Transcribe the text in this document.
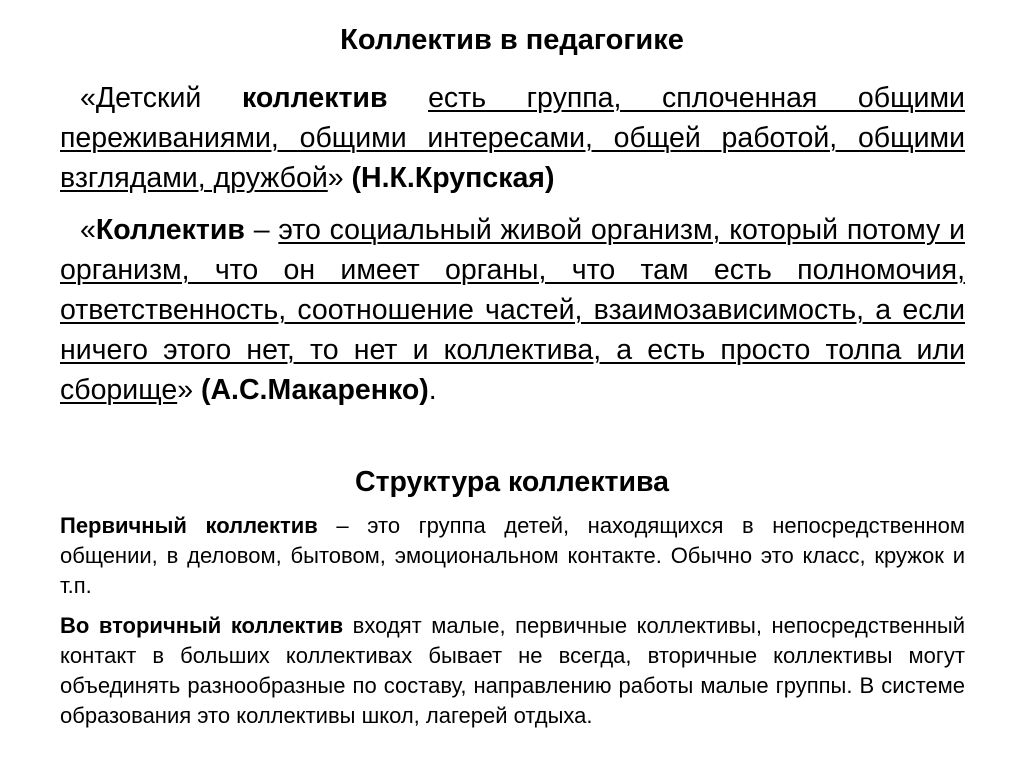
Коллектив в педагогике

«Детский коллектив есть группа, сплоченная общими переживаниями, общими интересами, общей работой, общими взглядами, дружбой» (Н.К.Крупская)

«Коллектив – это социальный живой организм, который потому и организм, что он имеет органы, что там есть полномочия, ответственность, соотношение частей, взаимозависимость, а если ничего этого нет, то нет и коллектива, а есть просто толпа или сборище» (А.С.Макаренко).

Структура коллектива

Первичный коллектив – это группа детей, находящихся в непосредственном общении, в деловом, бытовом, эмоциональном контакте. Обычно это класс, кружок и т.п.

Во вторичный коллектив входят малые, первичные коллективы, непосредственный контакт в больших коллективах бывает не всегда, вторичные коллективы могут объединять разнообразные по составу, направлению работы малые группы. В системе образования это коллективы школ, лагерей отдыха.
